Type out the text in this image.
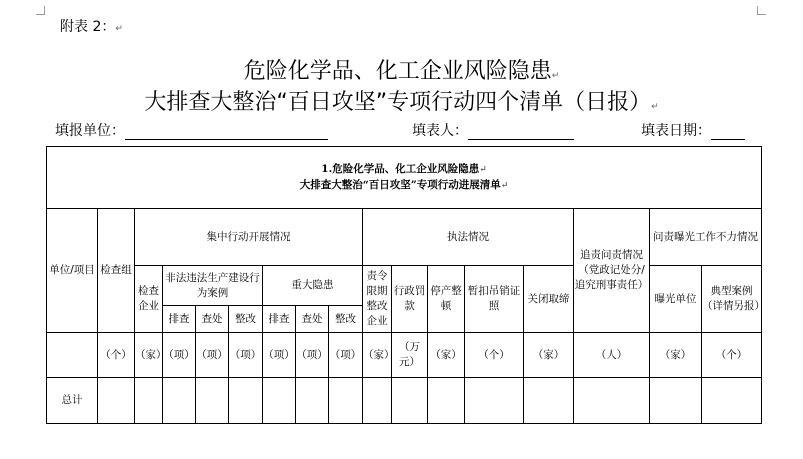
附表 2：↵
危险化学品、化工企业风险隐患↵
大排查大整治“百日攻坚”专项行动四个清单（日报）↵
填报单位：	填表人：	填表日期：
1.危险化学品、化工企业风险隐患↵
大排查大整治“百日攻坚”专项行动进展清单↵																

单位/项目	检查组	集中行动开展情况							执法情况					追责问责情况（党政记处分/追究刑事责任）	问责曝光工作不力情况	
		检查企业	非法违法生产建设行为案例			重大隐患			责令限期整改企业	行政罚款	停产整顿	暂扣吊销证照	关闭取缔		曝光单位	典型案例（详情另报）
			排查	查处	整改	排查	查处	整改								
	（个）	（家）	（项）	（项）	（项）	（项）	（项）	（项）	（家）	（万元）	（家）	（个）	（家）	（人）	（家）	（个）
总计																
